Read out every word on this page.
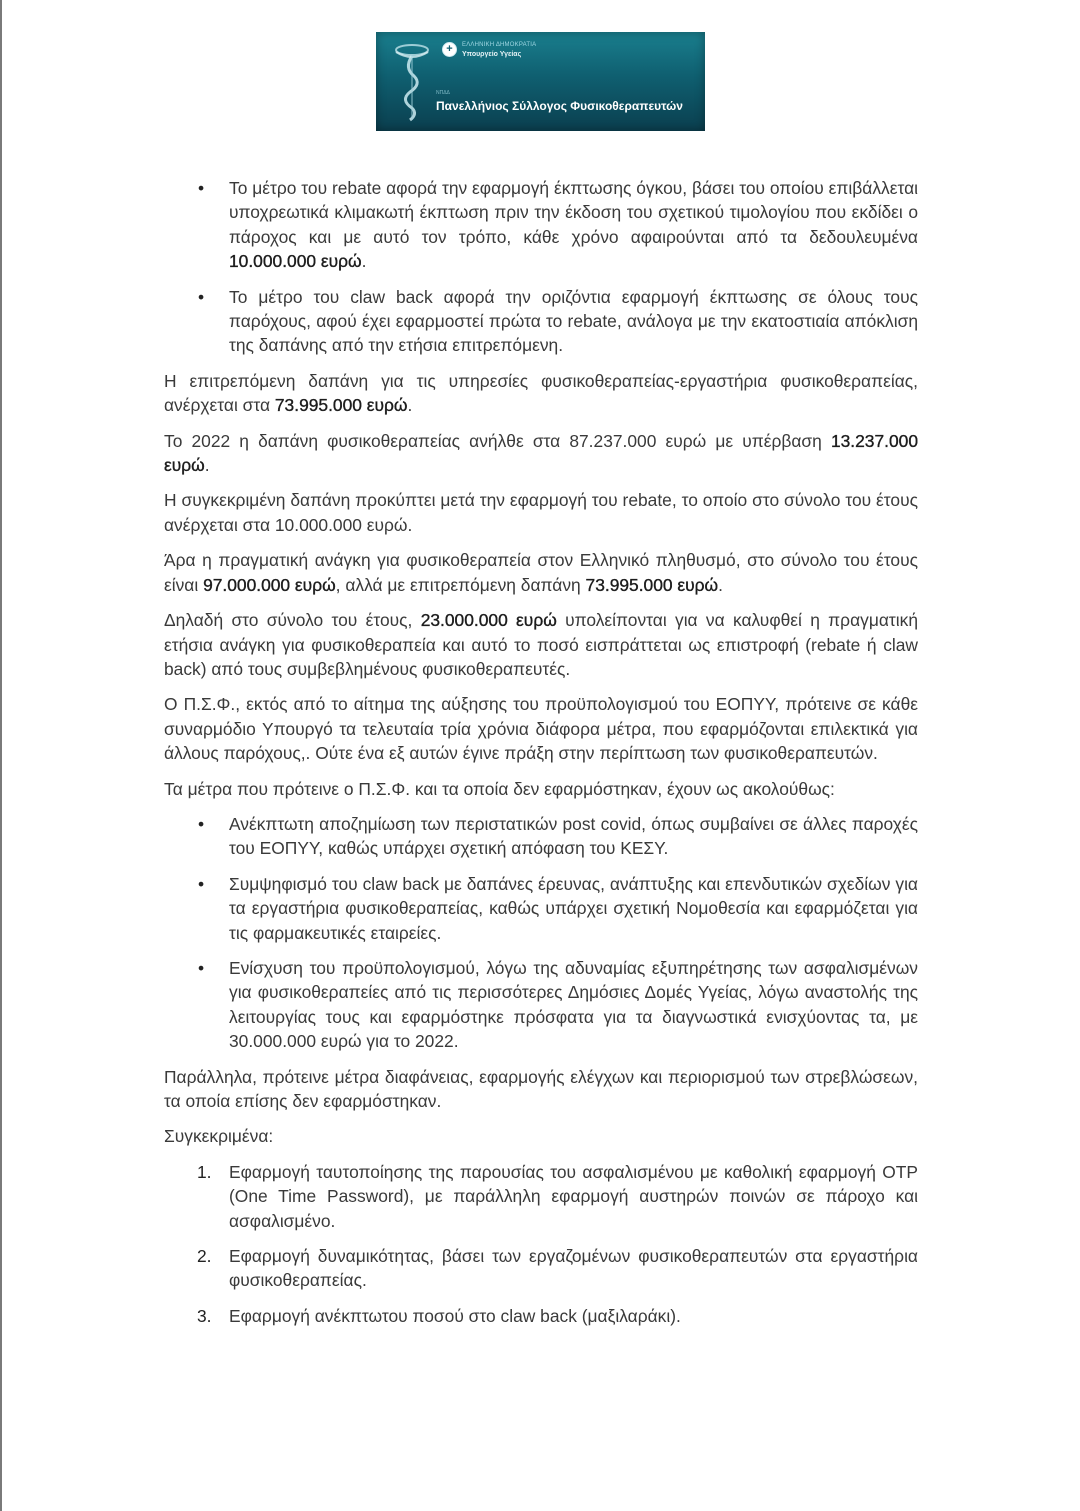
+	ΕΛΛΗΝΙΚΗ ΔΗΜΟΚΡΑΤΙΑ
Υπουργείο Υγείας
ΝΠΔΔ
Πανελλήνιος Σύλλογος Φυσικοθεραπευτών
•	Το μέτρο του rebate αφορά την εφαρμογή έκπτωσης όγκου, βάσει του οποίου επιβάλλεται υποχρεωτικά κλιμακωτή έκπτωση πριν την έκδοση του σχετικού τιμολογίου που εκδίδει ο πάροχος και με αυτό τον τρόπο, κάθε χρόνο αφαιρούνται από τα δεδουλευμένα 10.000.000 ευρώ.
•	Το μέτρο του claw back αφορά την οριζόντια εφαρμογή έκπτωσης σε όλους τους παρόχους, αφού έχει εφαρμοστεί πρώτα το rebate, ανάλογα με την εκατοστιαία απόκλιση της δαπάνης από την ετήσια επιτρεπόμενη.

Η επιτρεπόμενη δαπάνη για τις υπηρεσίες φυσικοθεραπείας-εργαστήρια φυσικοθεραπείας, ανέρχεται στα 73.995.000 ευρώ.

Το 2022 η δαπάνη φυσικοθεραπείας ανήλθε στα 87.237.000 ευρώ με υπέρβαση 13.237.000 ευρώ.

Η συγκεκριμένη δαπάνη προκύπτει μετά την εφαρμογή του rebate, το οποίο στο σύνολο του έτους ανέρχεται στα 10.000.000 ευρώ.

Άρα η πραγματική ανάγκη για φυσικοθεραπεία στον Ελληνικό πληθυσμό, στο σύνολο του έτους είναι 97.000.000 ευρώ, αλλά με επιτρεπόμενη δαπάνη 73.995.000 ευρώ.

Δηλαδή στο σύνολο του έτους, 23.000.000 ευρώ υπολείπονται για να καλυφθεί η πραγματική ετήσια ανάγκη για φυσικοθεραπεία και αυτό το ποσό εισπράττεται ως επιστροφή (rebate ή claw back) από τους συμβεβλημένους φυσικοθεραπευτές.

Ο Π.Σ.Φ., εκτός από το αίτημα της αύξησης του προϋπολογισμού του ΕΟΠΥΥ, πρότεινε σε κάθε συναρμόδιο Υπουργό τα τελευταία τρία χρόνια διάφορα μέτρα, που εφαρμόζονται επιλεκτικά για άλλους παρόχους,. Ούτε ένα εξ αυτών έγινε πράξη στην περίπτωση των φυσικοθεραπευτών.

Τα μέτρα που πρότεινε ο Π.Σ.Φ. και τα οποία δεν εφαρμόστηκαν, έχουν ως ακολούθως:

•	Ανέκπτωτη αποζημίωση των περιστατικών post covid, όπως συμβαίνει σε άλλες παροχές του ΕΟΠΥΥ, καθώς υπάρχει σχετική απόφαση του ΚΕΣΥ.
•	Συμψηφισμό του claw back με δαπάνες έρευνας, ανάπτυξης και επενδυτικών σχεδίων για τα εργαστήρια φυσικοθεραπείας, καθώς υπάρχει σχετική Νομοθεσία και εφαρμόζεται για τις φαρμακευτικές εταιρείες.
•	Ενίσχυση του προϋπολογισμού, λόγω της αδυναμίας εξυπηρέτησης των ασφαλισμένων για φυσικοθεραπείες από τις περισσότερες Δημόσιες Δομές Υγείας, λόγω αναστολής της λειτουργίας τους και εφαρμόστηκε πρόσφατα για τα διαγνωστικά ενισχύοντας τα, με 30.000.000 ευρώ για το 2022.

Παράλληλα, πρότεινε μέτρα διαφάνειας, εφαρμογής ελέγχων και περιορισμού των στρεβλώσεων, τα οποία επίσης δεν εφαρμόστηκαν.

Συγκεκριμένα:

1.	Εφαρμογή ταυτοποίησης της παρουσίας του ασφαλισμένου με καθολική εφαρμογή OTP (One Time Password), με παράλληλη εφαρμογή αυστηρών ποινών σε πάροχο και ασφαλισμένο.
2.	Εφαρμογή δυναμικότητας, βάσει των εργαζομένων φυσικοθεραπευτών στα εργαστήρια φυσικοθεραπείας.
3.	Εφαρμογή ανέκπτωτου ποσού στο claw back (μαξιλαράκι).
